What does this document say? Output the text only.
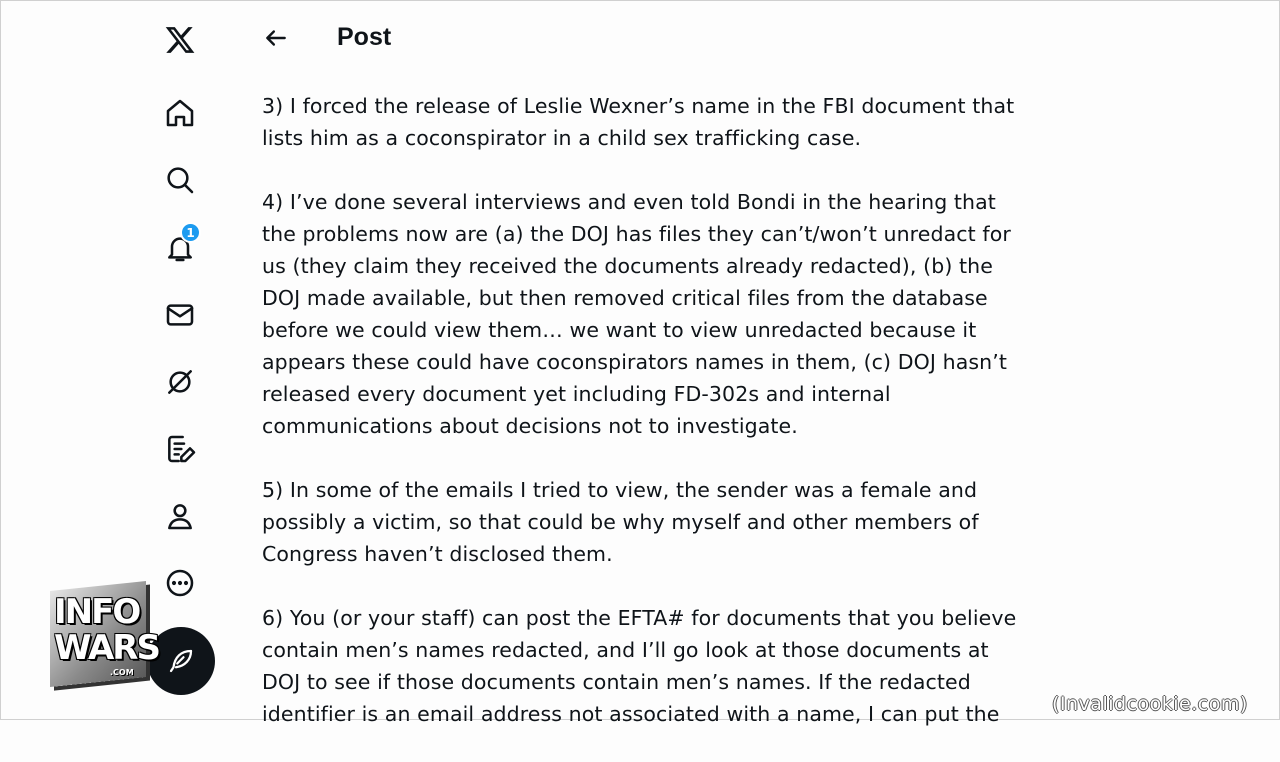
1
Post

3) I forced the release of Leslie Wexner’s name in the FBI document that
lists him as a coconspirator in a child sex trafficking case.

4) I’ve done several interviews and even told Bondi in the hearing that
the problems now are (a) the DOJ has files they can’t/won’t unredact for
us (they claim they received the documents already redacted), (b) the
DOJ made available, but then removed critical files from the database
before we could view them… we want to view unredacted because it
appears these could have coconspirators names in them, (c) DOJ hasn’t
released every document yet including FD-302s and internal
communications about decisions not to investigate.

5) In some of the emails I tried to view, the sender was a female and
possibly a victim, so that could be why myself and other members of
Congress haven’t disclosed them.

6) You (or your staff) can post the EFTA# for documents that you believe
contain men’s names redacted, and I’ll go look at those documents at
DOJ to see if those documents contain men’s names. If the redacted
identifier is an email address not associated with a name, I can put the

INFO
WARS
.COM
(Invalidcookie.com)
